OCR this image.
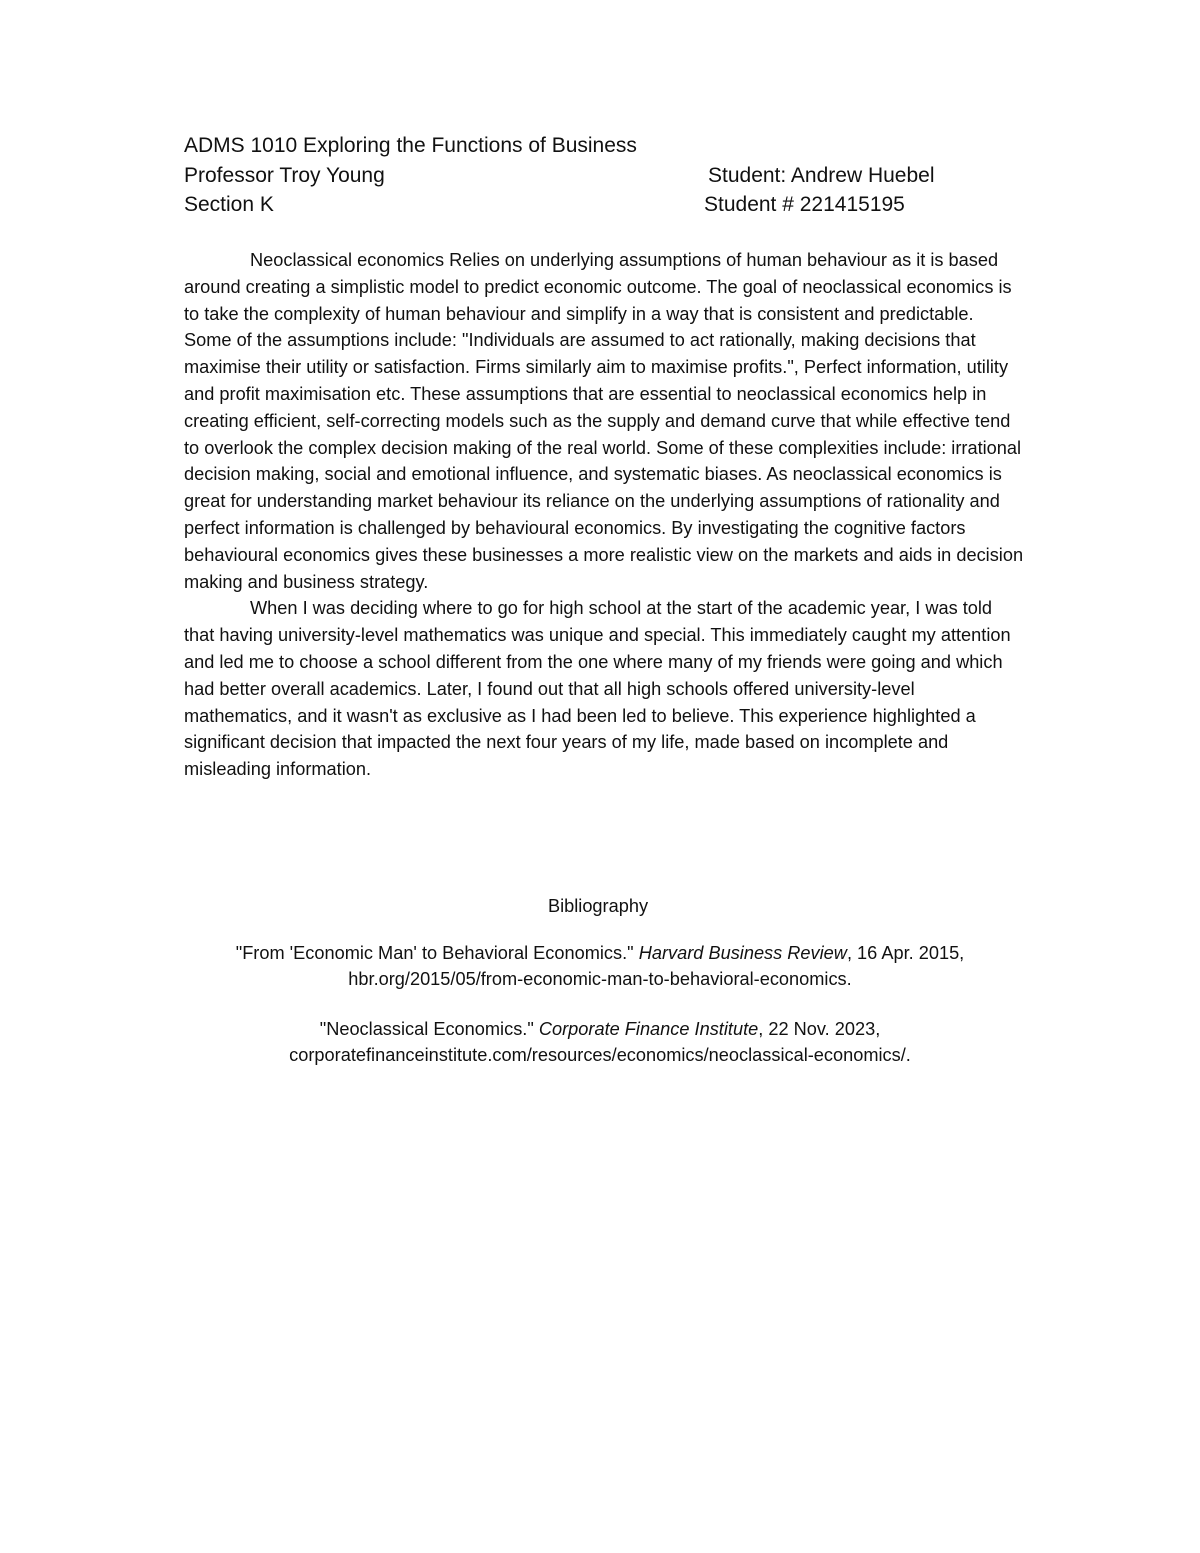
ADMS 1010 Exploring the Functions of Business
Professor Troy Young	Student: Andrew Huebel
Section K	Student # 221415195

Neoclassical economics Relies on underlying assumptions of human behaviour as it is based around creating a simplistic model to predict economic outcome. The goal of neoclassical economics is to take the complexity of human behaviour and simplify in a way that is consistent and predictable. Some of the assumptions include: "Individuals are assumed to act rationally, making decisions that maximise their utility or satisfaction. Firms similarly aim to maximise profits.", Perfect information, utility and profit maximisation etc. These assumptions that are essential to neoclassical economics help in creating efficient, self-correcting models such as the supply and demand curve that while effective tend to overlook the complex decision making of the real world. Some of these complexities include: irrational decision making, social and emotional influence, and systematic biases. As neoclassical economics is great for understanding market behaviour its reliance on the underlying assumptions of rationality and perfect information is challenged by behavioural economics. By investigating the cognitive factors behavioural economics gives these businesses a more realistic view on the markets and aids in decision making and business strategy.

When I was deciding where to go for high school at the start of the academic year, I was told that having university-level mathematics was unique and special. This immediately caught my attention and led me to choose a school different from the one where many of my friends were going and which had better overall academics. Later, I found out that all high schools offered university-level mathematics, and it wasn't as exclusive as I had been led to believe. This experience highlighted a significant decision that impacted the next four years of my life, made based on incomplete and misleading information.

Bibliography
"From 'Economic Man' to Behavioral Economics." Harvard Business Review, 16 Apr. 2015,
hbr.org/2015/05/from-economic-man-to-behavioral-economics.
"Neoclassical Economics." Corporate Finance Institute, 22 Nov. 2023,
corporatefinanceinstitute.com/resources/economics/neoclassical-economics/.
